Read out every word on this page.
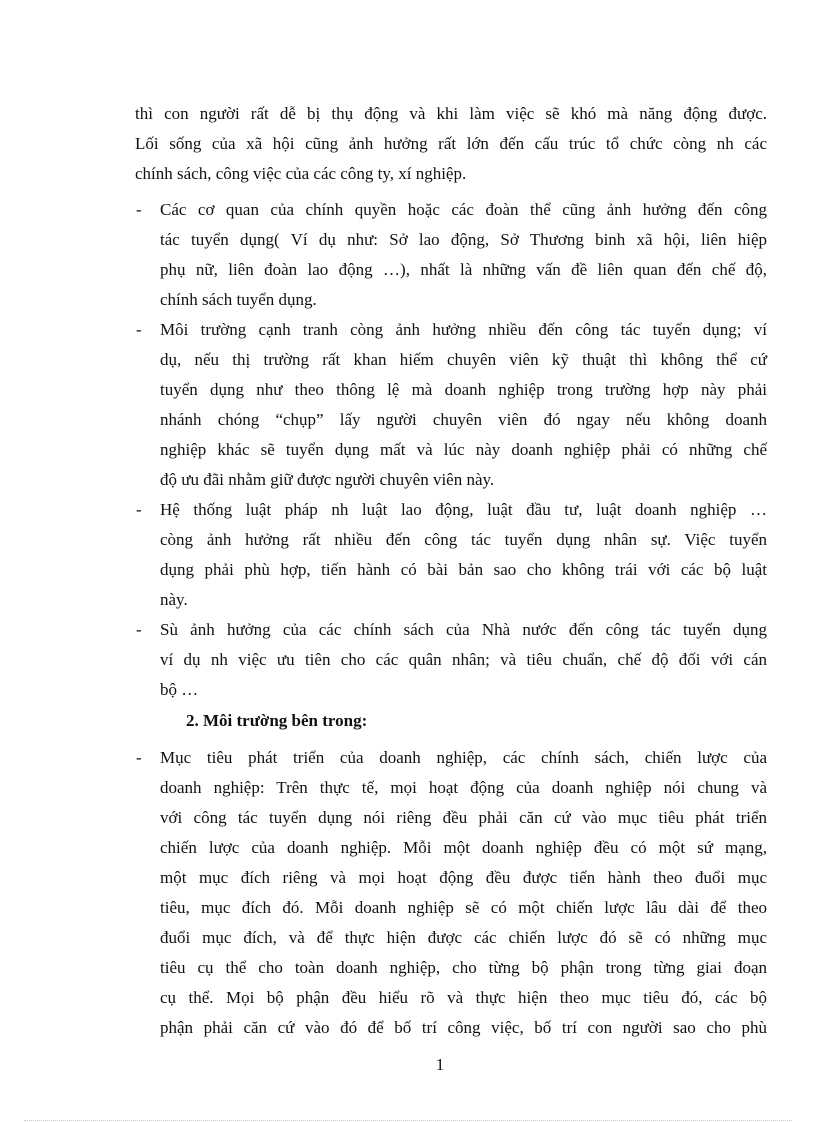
thì con người rất dễ bị thụ động và khi làm việc sẽ khó mà năng động được.
Lối sống của xã hội cũng ảnh hưởng rất lớn đến cấu trúc tổ chức còng nh các
chính sách, công việc của các công ty, xí nghiệp.
- Các cơ quan của chính quyền hoặc các đoàn thể cũng ảnh hưởng đến công
tác tuyển dụng( Ví dụ như: Sở lao động, Sở Thương binh xã hội, liên hiệp
phụ nữ, liên đoàn lao động …), nhất là những vấn đề liên quan đến chế độ,
chính sách tuyển dụng.
- Môi trường cạnh tranh còng ảnh hưởng nhiều đến công tác tuyển dụng; ví
dụ, nếu thị trường rất khan hiếm chuyên viên kỹ thuật thì không thể cứ
tuyển dụng như theo thông lệ mà doanh nghiệp trong trường hợp này phải
nhánh chóng “chụp” lấy người chuyên viên đó ngay nếu không doanh
nghiệp khác sẽ tuyển dụng mất và lúc này doanh nghiệp phải có những chế
độ ưu đãi nhằm giữ được người chuyên viên này.
- Hệ thống luật pháp nh luật lao động, luật đầu tư, luật doanh nghiệp …
còng ảnh hưởng rất nhiều đến công tác tuyển dụng nhân sự. Việc tuyển
dụng phải phù hợp, tiến hành có bài bản sao cho không trái với các bộ luật
này.
- Sù ảnh hưởng của các chính sách của Nhà nước đến công tác tuyển dụng
ví dụ nh việc ưu tiên cho các quân nhân; và tiêu chuẩn, chế độ đối với cán
bộ …
2. Môi trường bên trong:
- Mục tiêu phát triển của doanh nghiệp, các chính sách, chiến lược của
doanh nghiệp: Trên thực tế, mọi hoạt động của doanh nghiệp nói chung và
với công tác tuyển dụng nói riêng đều phải căn cứ vào mục tiêu phát triển
chiến lược của doanh nghiệp. Mỗi một doanh nghiệp đều có một sứ mạng,
một mục đích riêng và mọi hoạt động đều được tiến hành theo đuổi mục
tiêu, mục đích đó. Mỗi doanh nghiệp sẽ có một chiến lược lâu dài để theo
đuổi mục đích, và để thực hiện được các chiến lược đó sẽ có những mục
tiêu cụ thể cho toàn doanh nghiệp, cho từng bộ phận trong từng giai đoạn
cụ thể. Mọi bộ phận đều hiểu rõ và thực hiện theo mục tiêu đó, các bộ
phận phải căn cứ vào đó để bố trí công việc, bố trí con người sao cho phù
1
